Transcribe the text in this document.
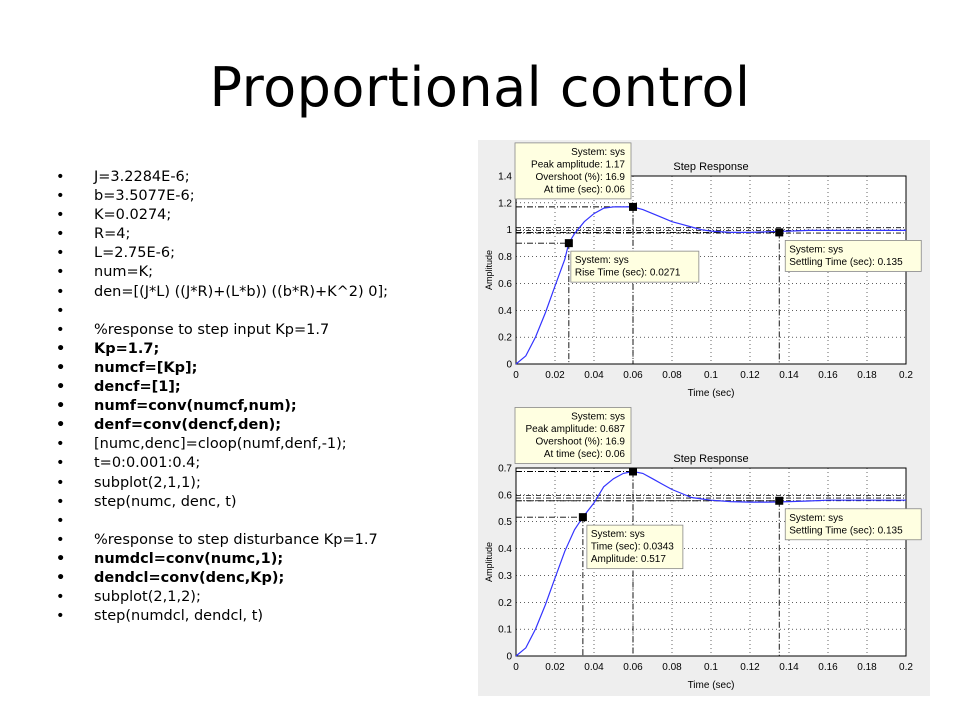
Proportional control
• J=3.2284E-6;
• b=3.5077E-6;
• K=0.0274;
• R=4;
• L=2.75E-6;
• num=K;
• den=[(J*L) ((J*R)+(L*b)) ((b*R)+K^2) 0];
•
• %response to step input Kp=1.7
• Kp=1.7;
• numcf=[Kp];
• dencf=[1];
• numf=conv(numcf,num);
• denf=conv(dencf,den);
• [numc,denc]=cloop(numf,denf,-1);
• t=0:0.001:0.4;
• subplot(2,1,1);
• step(numc, denc, t)
•
• %response to step disturbance Kp=1.7
• numdcl=conv(numc,1);
• dendcl=conv(denc,Kp);
• subplot(2,1,2);
• step(numdcl, dendcl, t)
0	0.02 0.04 0.06 0.08 0.1 0.12 0.14 0.16 0.18 0.2
0
0.2
0.4
0.6
0.8
1
1.2
1.4
Step Response
Time (sec)
Amplitude
System: sys
Peak amplitude: 1.17
Overshoot (%): 16.9
At time (sec): 0.06
System: sys
Rise Time (sec): 0.0271
System: sys
Settling Time (sec): 0.135
0	0.02 0.04 0.06 0.08 0.1 0.12 0.14 0.16 0.18 0.2
0
0.1
0.2
0.3
0.4
0.5
0.6
0.7
Step Response
Time (sec)
Amplitude
System: sys
Peak amplitude: 0.687
Overshoot (%): 16.9
At time (sec): 0.06
System: sys
Time (sec): 0.0343
Amplitude: 0.517
System: sys
Settling Time (sec): 0.135
